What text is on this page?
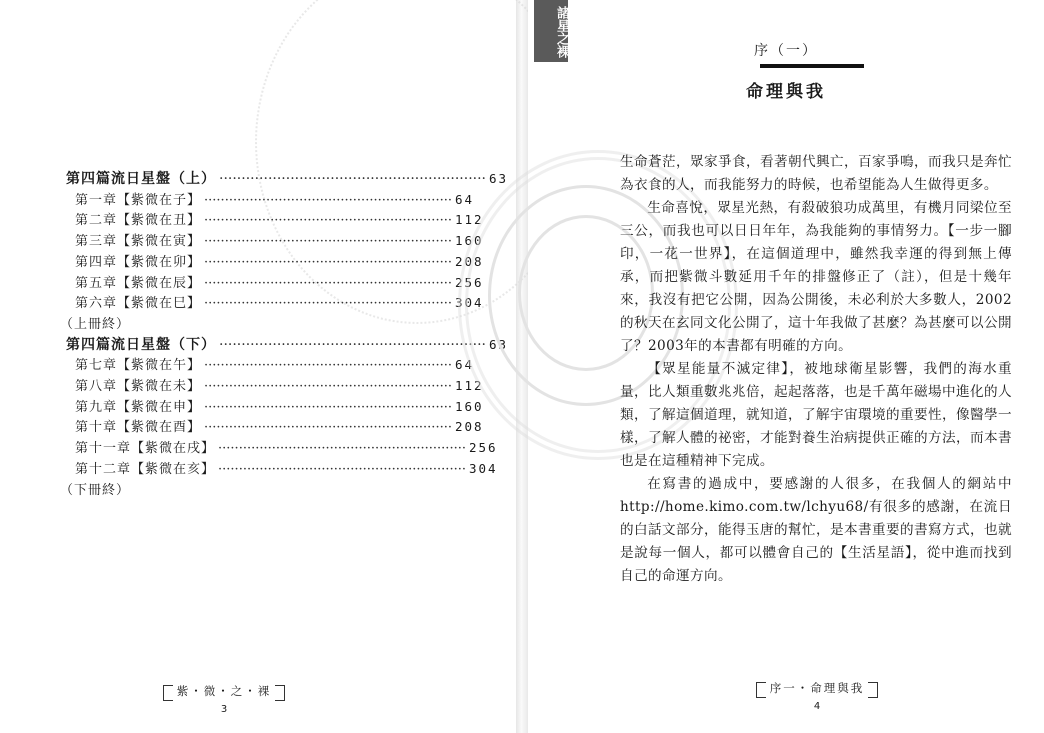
第四篇 流日星盤（上） ···························································· 63
第一章 【紫微在子】 ···························································· 64
第二章 【紫微在丑】 ···························································· 112
第三章 【紫微在寅】 ···························································· 160
第四章 【紫微在卯】 ···························································· 208
第五章 【紫微在辰】 ···························································· 256
第六章 【紫微在巳】 ···························································· 304
（上冊終）
第四篇 流日星盤（下） ···························································· 63
第七章 【紫微在午】 ···························································· 64
第八章 【紫微在未】 ···························································· 112
第九章 【紫微在申】 ···························································· 160
第十章 【紫微在酉】 ···························································· 208
第十一章 【紫微在戌】 ···························································· 256
第十二章 【紫微在亥】 ···························································· 304
（下冊終）
紫・微・之・裸
3
諸星之裸	序（一）
命理與我

生命蒼茫，眾家爭食，看著朝代興亡，百家爭鳴，而我只是奔忙為衣食的人，而我能努力的時候，也希望能為人生做得更多。

生命喜悅，眾星光熱，有殺破狼功成萬里，有機月同梁位至三公，而我也可以日日年年，為我能夠的事情努力。【一步一腳印，一花一世界】，在這個道理中，雖然我幸運的得到無上傳承，而把紫微斗數延用千年的排盤修正了（註），但是十幾年來，我沒有把它公開，因為公開後，未必利於大多數人，2002的秋天在玄同文化公開了，這十年我做了甚麼？為甚麼可以公開了？2003年的本書都有明確的方向。

【眾星能量不滅定律】，被地球衛星影響，我們的海水重量，比人類重數兆兆倍，起起落落，也是千萬年磁場中進化的人類，了解這個道理，就知道，了解宇宙環境的重要性，像醫學一樣，了解人體的祕密，才能對養生治病提供正確的方法，而本書也是在這種精神下完成。

在寫書的過成中，要感謝的人很多，在我個人的網站中http://home.kimo.com.tw/lchyu68/有很多的感謝，在流日的白話文部分，能得玉唐的幫忙，是本書重要的書寫方式，也就是說每一個人，都可以體會自己的【生活星語】，從中進而找到自己的命運方向。

序一・命理與我
4
